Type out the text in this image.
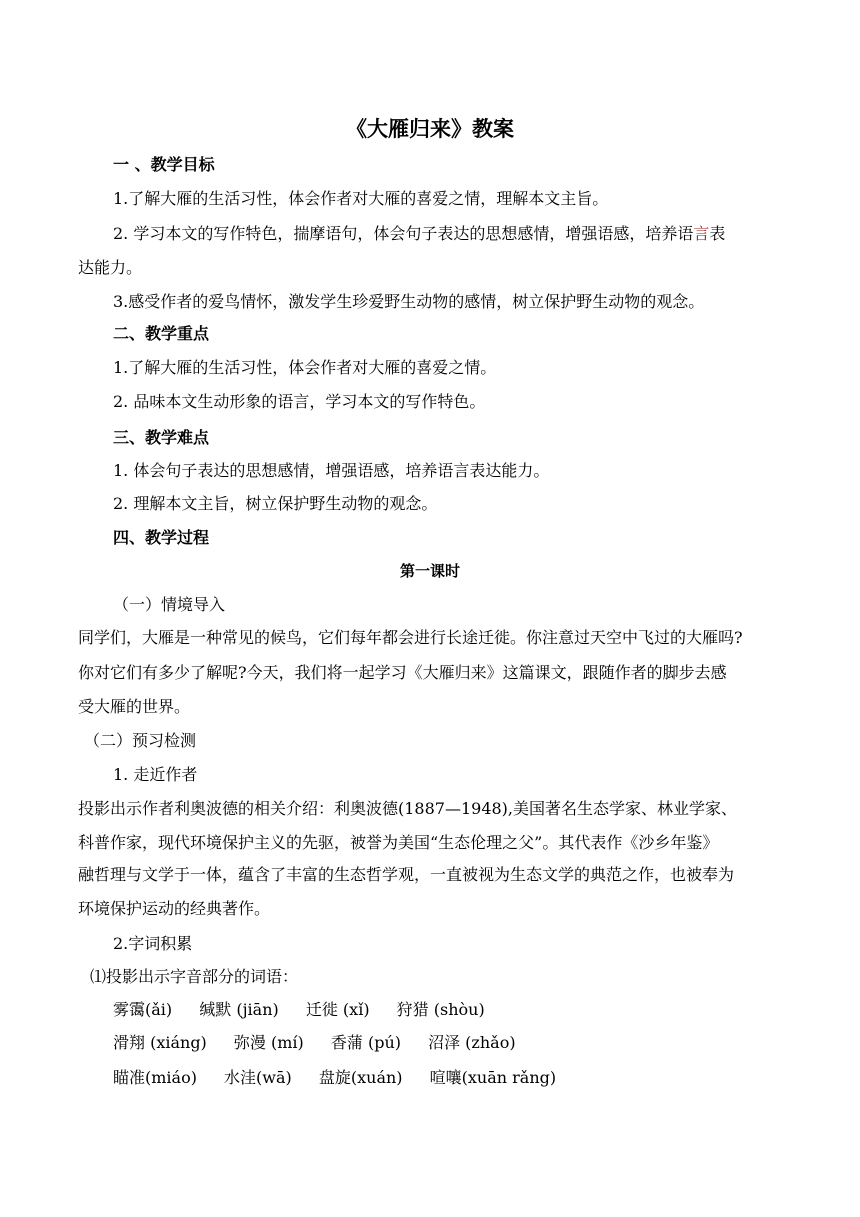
《大雁归来》教案
一 、教学目标
1.了解大雁的生活习性，体会作者对大雁的喜爱之情，理解本文主旨。
2. 学习本文的写作特色，揣摩语句，体会句子表达的思想感情，增强语感，培养语言表
达能力。
3.感受作者的爱鸟情怀，激发学生珍爱野生动物的感情，树立保护野生动物的观念。
二、教学重点
1.了解大雁的生活习性，体会作者对大雁的喜爱之情。
2. 品味本文生动形象的语言，学习本文的写作特色。
三、教学难点
1. 体会句子表达的思想感情，增强语感，培养语言表达能力。
2. 理解本文主旨，树立保护野生动物的观念。
四、教学过程
第一课时
（一）情境导入
同学们，大雁是一种常见的候鸟，它们每年都会进行长途迁徙。你注意过天空中飞过的大雁吗?
你对它们有多少了解呢?今天，我们将一起学习《大雁归来》这篇课文，跟随作者的脚步去感
受大雁的世界。
（二）预习检测
1. 走近作者
投影出示作者利奥波德的相关介绍：利奥波德(1887—1948),美国著名生态学家、林业学家、
科普作家，现代环境保护主义的先驱，被誉为美国“生态伦理之父”。其代表作《沙乡年鉴》
融哲理与文学于一体，蕴含了丰富的生态哲学观，一直被视为生态文学的典范之作，也被奉为
环境保护运动的经典著作。
2.字词积累
⑴投影出示字音部分的词语：
雾霭(ǎi) 缄默 (jiān) 迁徙 (xǐ) 狩猎 (shòu)
滑翔 (xiáng) 弥漫 (mí) 香蒲 (pú) 沼泽 (zhǎo)
瞄准(miáo) 水洼(wā) 盘旋(xuán) 喧嚷(xuān rǎng)
